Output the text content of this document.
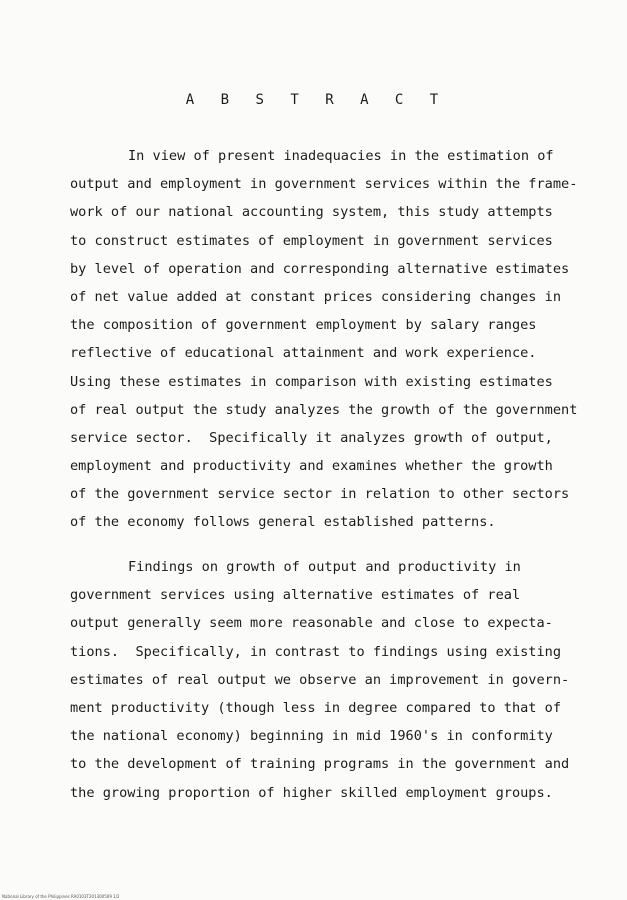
A B S T R A C T
In view of present inadequacies in the estimation of
output and employment in government services within the frame-
work of our national accounting system, this study attempts
to construct estimates of employment in government services
by level of operation and corresponding alternative estimates
of net value added at constant prices considering changes in
the composition of government employment by salary ranges
reflective of educational attainment and work experience.
Using these estimates in comparison with existing estimates
of real output the study analyzes the growth of the government
service sector.  Specifically it analyzes growth of output,
employment and productivity and examines whether the growth
of the government service sector in relation to other sectors
of the economy follows general established patterns.
Findings on growth of output and productivity in
government services using alternative estimates of real
output generally seem more reasonable and close to expecta-
tions.  Specifically, in contrast to findings using existing
estimates of real output we observe an improvement in govern-
ment productivity (though less in degree compared to that of
the national economy) beginning in mid 1960's in conformity
to the development of training programs in the government and
the growing proportion of higher skilled employment groups.
National Library of the Philippines RA0103T201300509 1/2
